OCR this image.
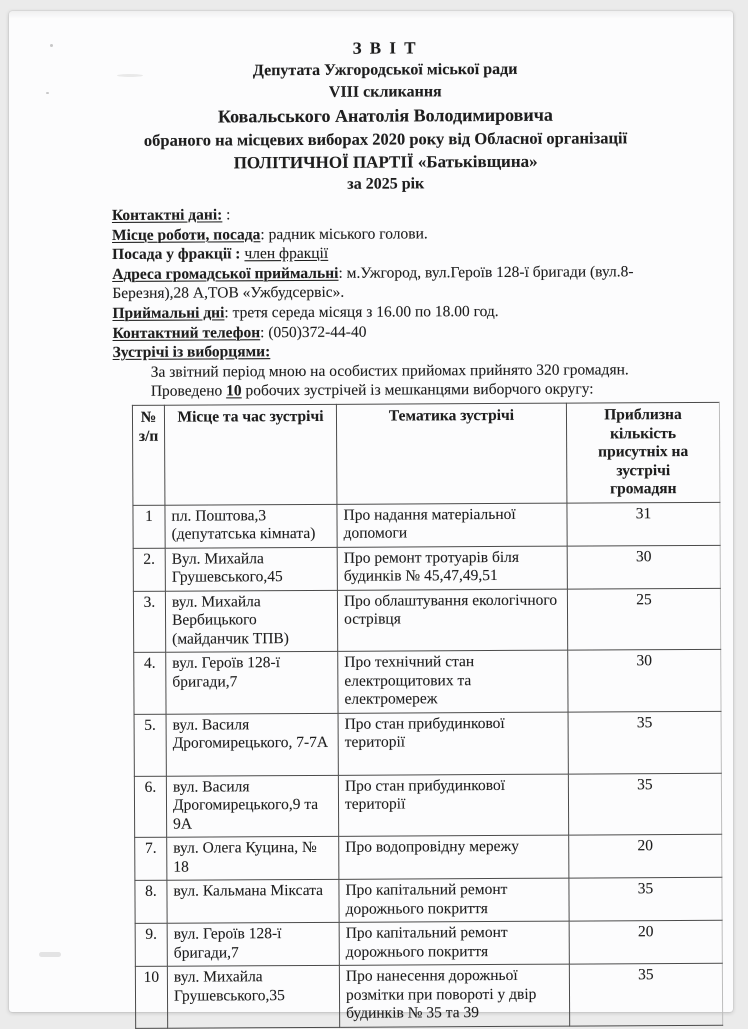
З В І Т
Депутата Ужгородської міської ради
VIII скликання
Ковальського Анатолія Володимировича
обраного на місцевих виборах 2020 року від Обласної організації
ПОЛІТИЧНОЇ ПАРТІЇ «Батьківщина»
за 2025 рік
Контактні дані: :
Місце роботи, посада: радник міського голови.
Посада у фракції : член фракції
Адреса громадської приймальні: м.Ужгород, вул.Героїв 128-ї бригади (вул.8-Березня),28 А,ТОВ «Ужбудсервіс».
Приймальні дні: третя середа місяця з 16.00 по 18.00 год.
Контактний телефон: (050)372-44-40
Зустрічі із виборцями:
За звітний період мною на особистих прийомах прийнято 320 громадян.
Проведено 10 робочих зустрічей із мешканцями виборчого округу:
№ з/п	Місце та час зустрічі	Тематика зустрічі	Приблизна кількість присутніх на зустрічі громадян
1	пл. Поштова,3 (депутатська кімната)	Про надання матеріальної допомоги	31
2.	Вул. Михайла Грушевського,45	Про ремонт тротуарів біля будинків № 45,47,49,51	30
3.	вул. Михайла Вербицького (майданчик ТПВ)	Про облаштування екологічного острівця	25
4.	вул. Героїв 128-ї бригади,7	Про технічний стан електрощитових та електромереж	30
5.	вул. Василя Дрогомирецького, 7-7А	Про стан прибудинкової території	35
6.	вул. Василя Дрогомирецького,9 та 9А	Про стан прибудинкової території	35
7.	вул. Олега Куцина, № 18	Про водопровідну мережу	20
8.	вул. Кальмана Міксата	Про капітальний ремонт дорожнього покриття	35
9.	вул. Героїв 128-ї бригади,7	Про капітальний ремонт дорожнього покриття	20
10	вул. Михайла Грушевського,35	Про нанесення дорожньої розмітки при повороті у двір будинків № 35 та 39	35
